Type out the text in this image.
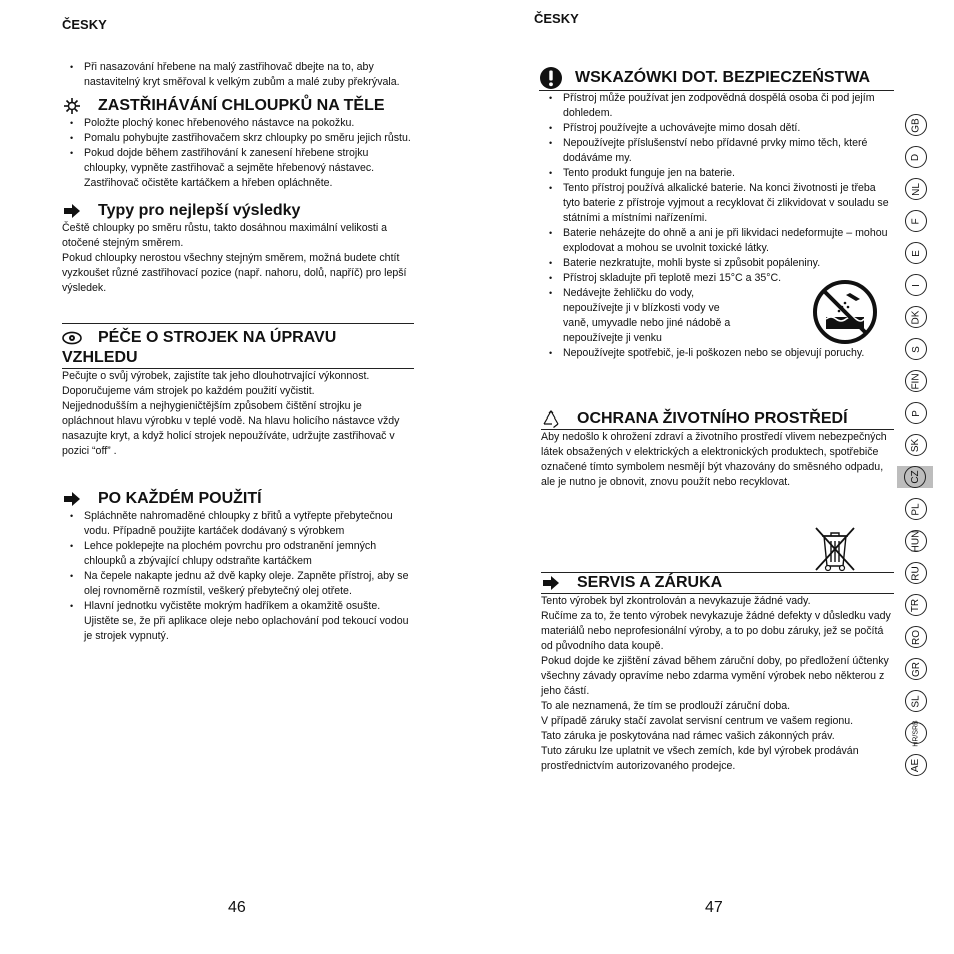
ČESKY	ČESKY
• Při nasazování hřebene na malý zastřihovač dbejte na to, aby nastavitelný kryt směřoval k velkým zubům a malé zuby překrývala.
ZASTŘIHÁVÁNÍ CHLOUPKŮ NA TĚLE
• Položte plochý konec hřebenového nástavce na pokožku.
• Pomalu pohybujte zastřihovačem skrz chloupky po směru jejich růstu.
• Pokud dojde během zastřihování k zanesení hřebene strojku chloupky, vypněte zastřihovač a sejměte hřebenový nástavec. Zastřihovač očistěte kartáčkem a hřeben opláchněte.
Typy pro nejlepší výsledky

Čeště chloupky po směru růstu, takto dosáhnou maximální velikosti a otočené stejným směrem.

Pokud chloupky nerostou všechny stejným směrem, možná budete chtít vyzkoušet různé zastřihovací pozice (např. nahoru, dolů, napříč) pro lepší výsledek.

PÉČE O STROJEK NA ÚPRAVU VZHLEDU

Pečujte o svůj výrobek, zajistíte tak jeho dlouhotrvající výkonnost. Doporučujeme vám strojek po každém použití vyčistit.

Nejjednodušším a nejhygieničtějším způsobem čištění strojku je opláchnout hlavu výrobku v teplé vodě. Na hlavu holicího nástavce vždy nasazujte kryt, a když holicí strojek nepoužíváte, udržujte zastřihovač v pozici “off” .

PO KAŽDÉM POUŽITÍ
• Spláchněte nahromaděné chloupky z břitů a vytřepte přebytečnou vodu. Případně použijte kartáček dodávaný s výrobkem
• Lehce poklepejte na plochém povrchu pro odstranění jemných chloupků a zbývající chlupy odstraňte kartáčkem
• Na čepele nakapte jednu až dvě kapky oleje. Zapněte přístroj, aby se olej rovnoměrně rozmístil, veškerý přebytečný olej otřete.
• Hlavní jednotku vyčistěte mokrým hadříkem a okamžitě osušte.

Ujistěte se, že při aplikace oleje nebo oplachování pod tekoucí vodou je strojek vypnutý.

WSKAZÓWKI DOT. BEZPIECZEŃSTWA
• Přístroj může používat jen zodpovědná dospělá osoba či pod jejím dohledem.
• Přístroj používejte a uchovávejte mimo dosah dětí.
• Nepoužívejte příslušenství nebo přídavné prvky mimo těch, které dodáváme my.
• Tento produkt funguje jen na baterie.
• Tento přístroj používá alkalické baterie. Na konci životnosti je třeba tyto baterie z přístroje vyjmout a recyklovat či zlikvidovat v souladu se státními a místními nařízeními.
• Baterie neházejte do ohně a ani je při likvidaci nedeformujte – mohou explodovat a mohou se uvolnit toxické látky.
• Baterie nezkratujte, mohli byste si způsobit popáleniny.
• Přístroj skladujte při teplotě mezi 15°C a 35°C.
• Nedávejte žehličku do vody, nepoužívejte ji v blízkosti vody ve vaně, umyvadle nebo jiné nádobě a nepoužívejte ji venku
• Nepoužívejte spotřebič, je-li poškozen nebo se objevují poruchy.
OCHRANA ŽIVOTNÍHO PROSTŘEDÍ

Aby nedošlo k ohrožení zdraví a životního prostředí vlivem nebezpečných látek obsažených v elektrických a elektronických produktech, spotřebiče označené tímto symbolem nesmějí být vhazovány do směsného odpadu, ale je nutno je obnovit, znovu použít nebo recyklovat.

SERVIS A ZÁRUKA

Tento výrobek byl zkontrolován a nevykazuje žádné vady.

Ručíme za to, že tento výrobek nevykazuje žádné defekty v důsledku vady materiálů nebo neprofesionální výroby, a to po dobu záruky, jež se počítá od původního data koupě.

Pokud dojde ke zjištění závad během záruční doby, po předložení účtenky všechny závady opravíme nebo zdarma vymění výrobek nebo některou z jeho částí.

To ale neznamená, že tím se prodlouží záruční doba.

V případě záruky stačí zavolat servisní centrum ve vašem regionu.

Tato záruka je poskytována nad rámec vašich zákonných práv.

Tuto záruku lze uplatnit ve všech zemích, kde byl výrobek prodáván prostřednictvím autorizovaného prodejce.

46	47
GB
D
NL
F
E
I
DK
S
FIN
P
SK
CZ
PL
HUN
RU
TR
RO
GR
SL
HR/SRB
AE
